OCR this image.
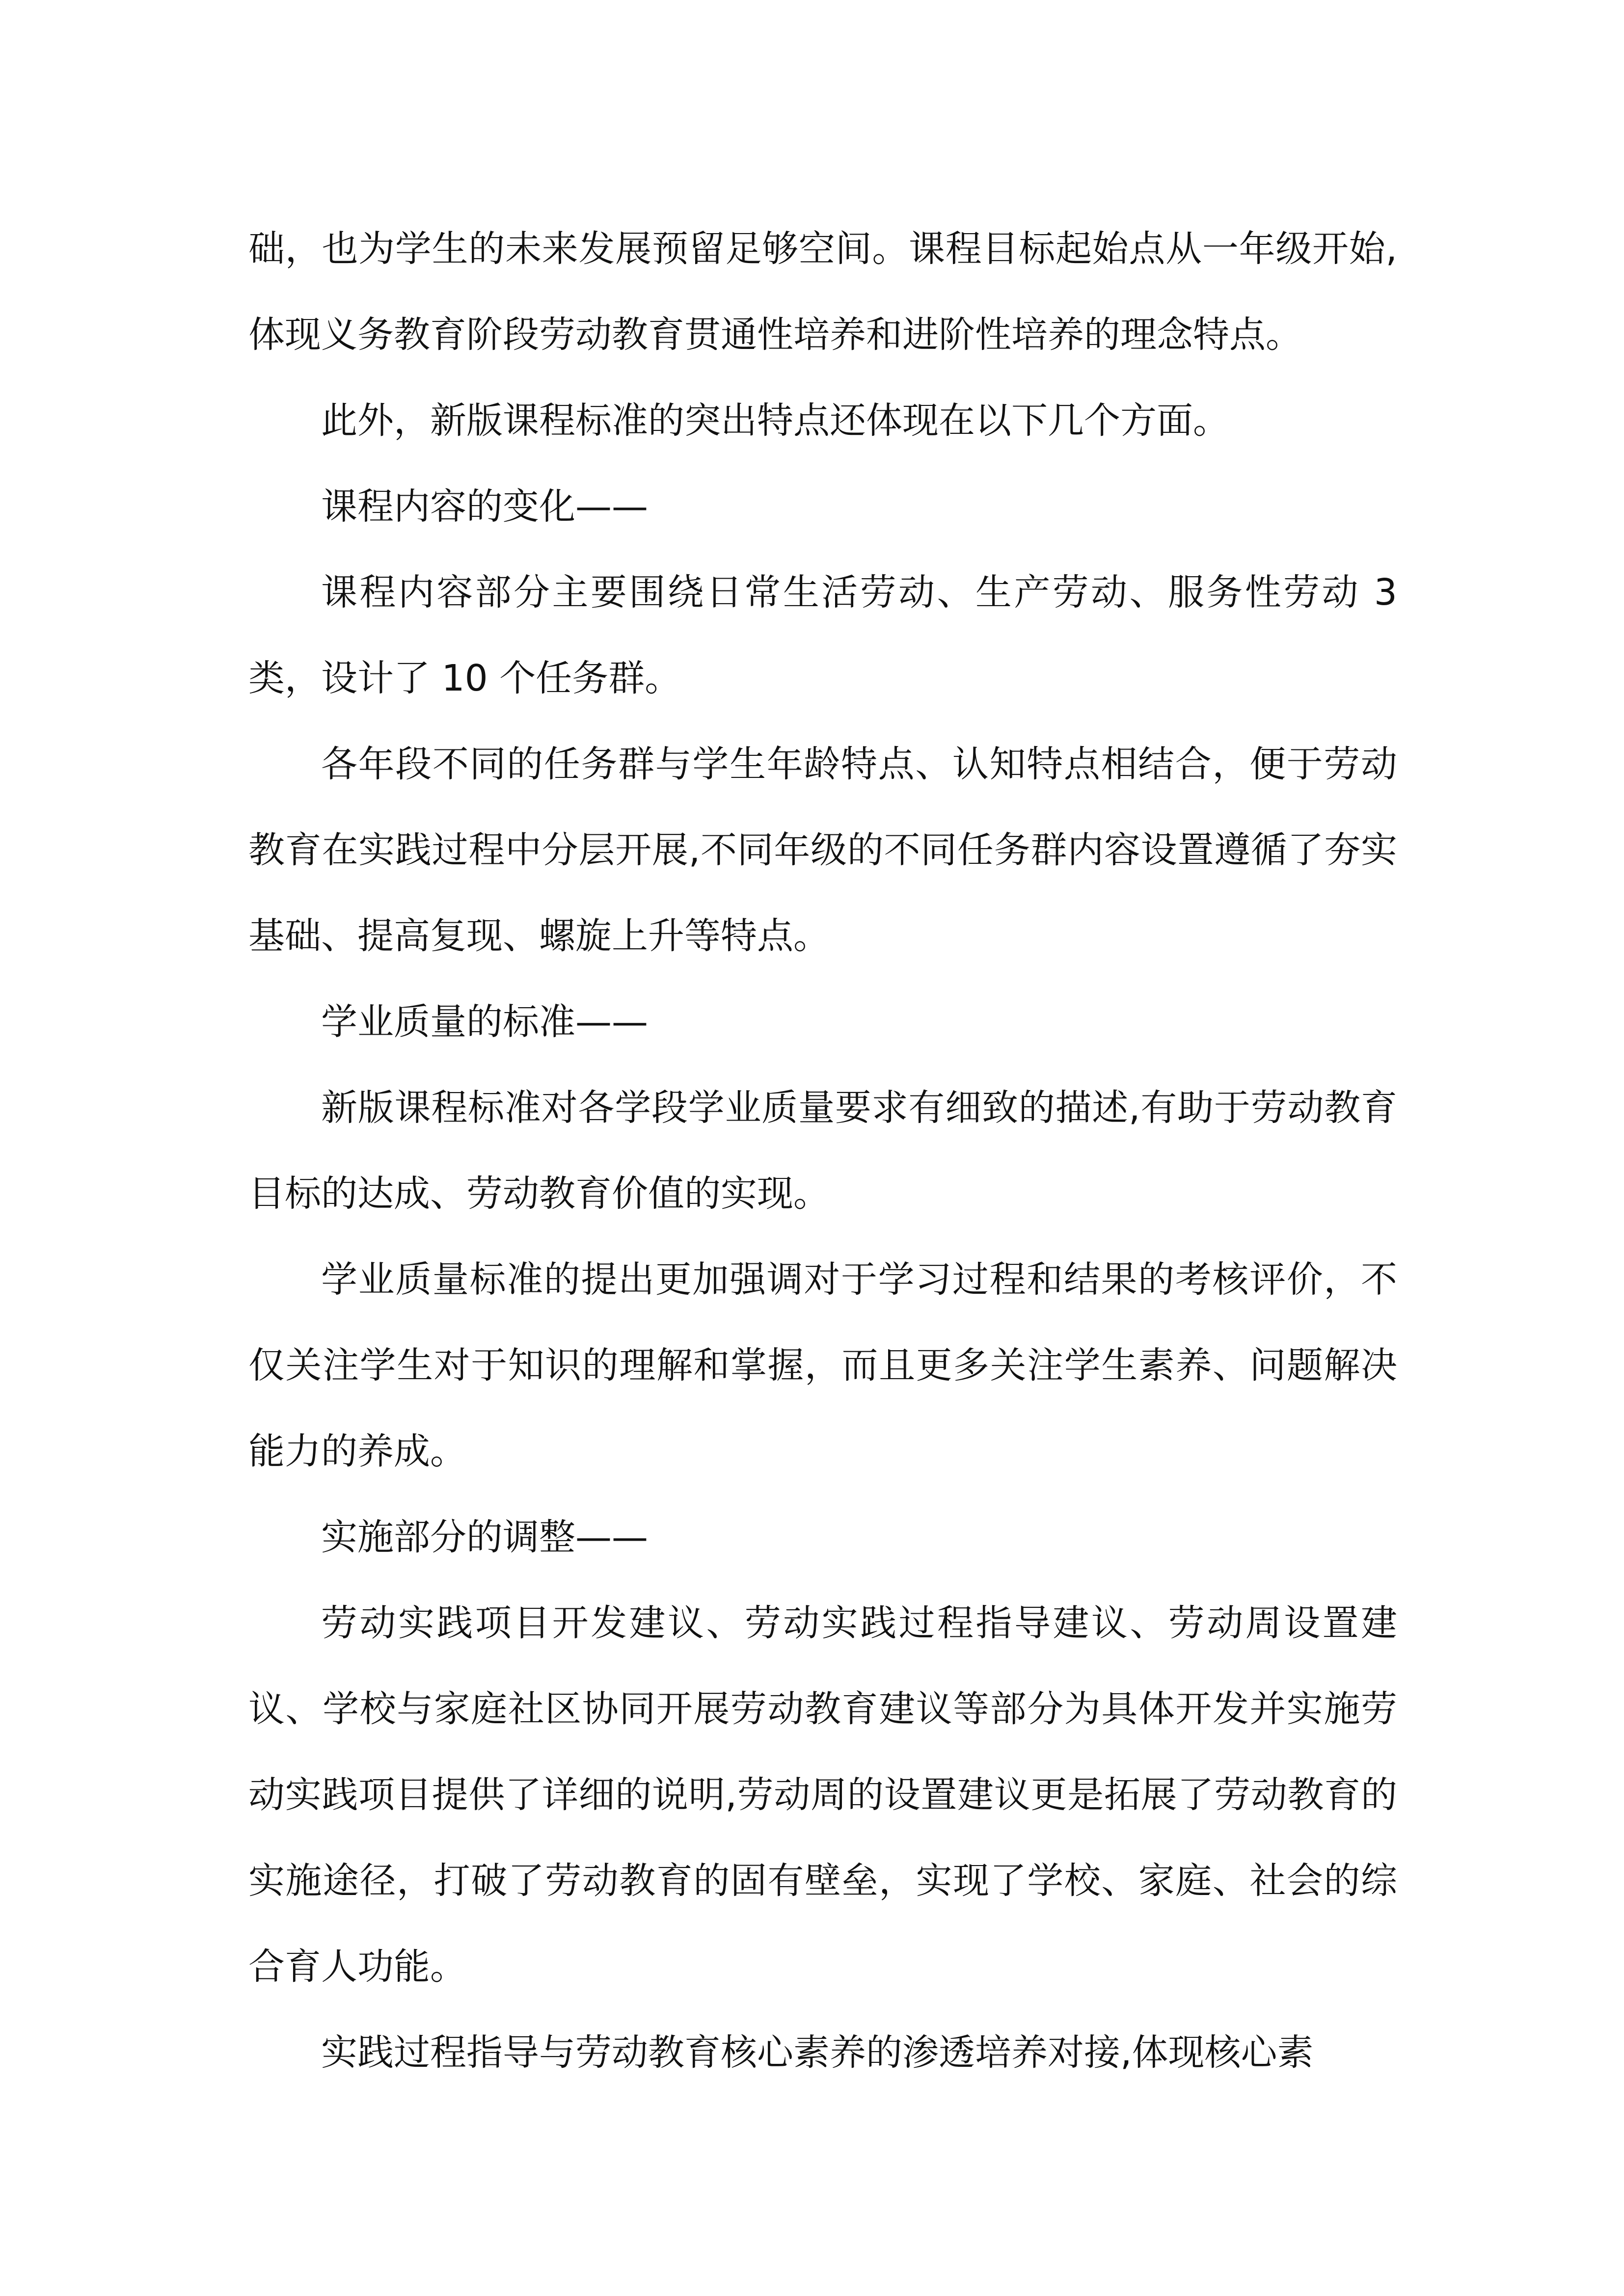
础，也为学生的未来发展预留足够空间。课程目标起始点从一年级开始,体现义务教育阶段劳动教育贯通性培养和进阶性培养的理念特点。

此外，新版课程标准的突出特点还体现在以下几个方面。

课程内容的变化——

课程内容部分主要围绕日常生活劳动、生产劳动、服务性劳动 3 类，设计了 10 个任务群。

各年段不同的任务群与学生年龄特点、认知特点相结合，便于劳动教育在实践过程中分层开展,不同年级的不同任务群内容设置遵循了夯实基础、提高复现、螺旋上升等特点。

学业质量的标准——

新版课程标准对各学段学业质量要求有细致的描述,有助于劳动教育目标的达成、劳动教育价值的实现。

学业质量标准的提出更加强调对于学习过程和结果的考核评价，不仅关注学生对于知识的理解和掌握，而且更多关注学生素养、问题解决能力的养成。

实施部分的调整——

劳动实践项目开发建议、劳动实践过程指导建议、劳动周设置建议、学校与家庭社区协同开展劳动教育建议等部分为具体开发并实施劳动实践项目提供了详细的说明,劳动周的设置建议更是拓展了劳动教育的实施途径，打破了劳动教育的固有壁垒，实现了学校、家庭、社会的综合育人功能。

实践过程指导与劳动教育核心素养的渗透培养对接,体现核心素
